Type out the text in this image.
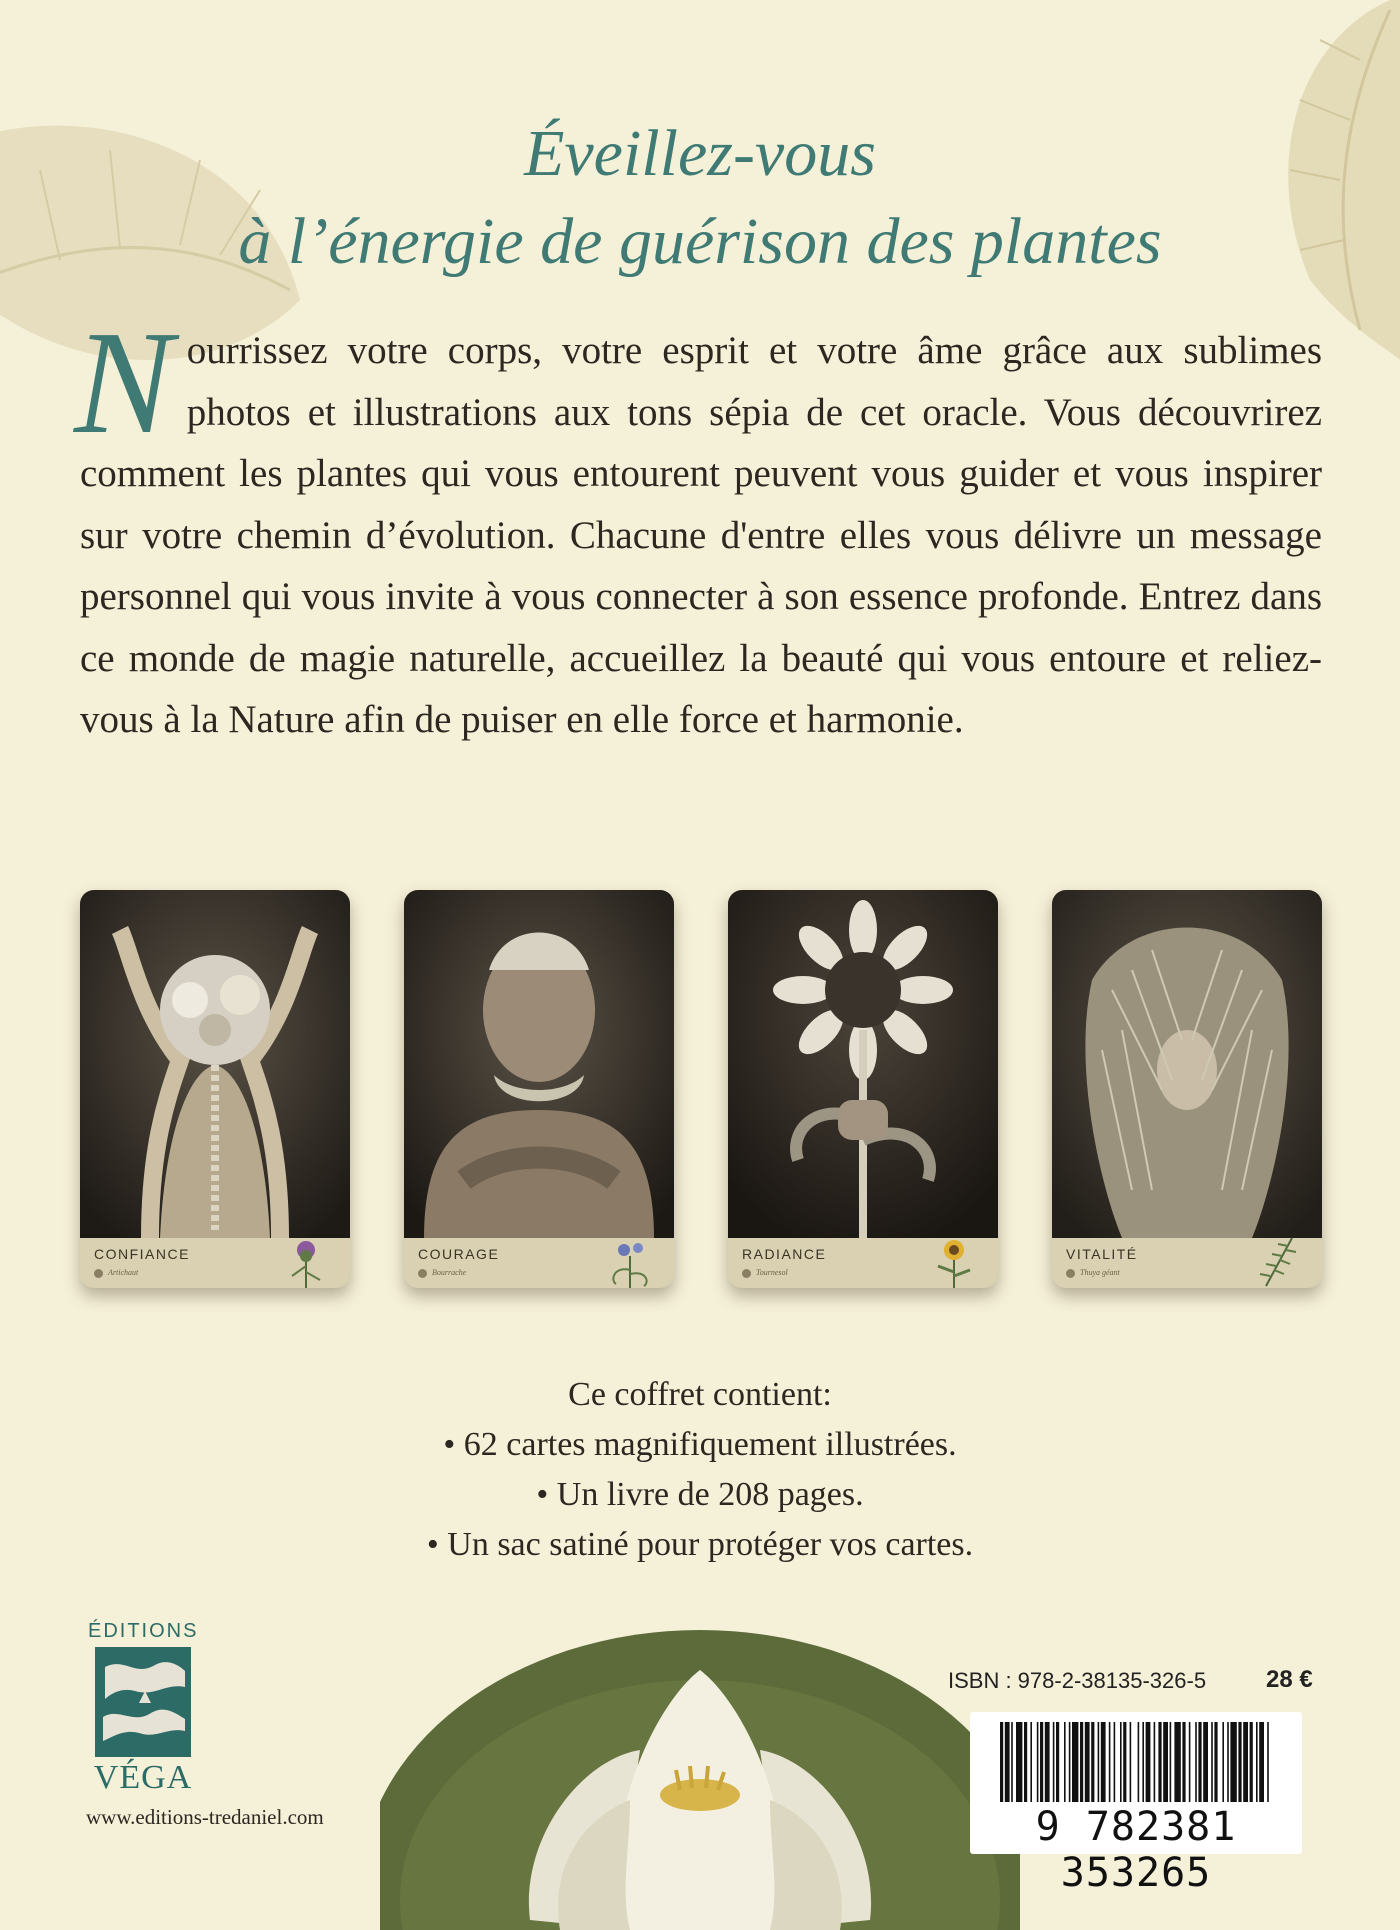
Éveillez-vous
à l’énergie de guérison des plantes
Nourrissez votre corps, votre esprit et votre âme grâce aux sublimes photos et illustrations aux tons sépia de cet oracle. Vous découvrirez comment les plantes qui vous entourent peuvent vous guider et vous inspirer sur votre chemin d’évolution. Chacune d'entre elles vous délivre un message personnel qui vous invite à vous connecter à son essence profonde. Entrez dans ce monde de magie naturelle, accueillez la beauté qui vous entoure et reliez-vous à la Nature afin de puiser en elle force et harmonie.
CONFIANCE
Artichaut
COURAGE
Bourrache
RADIANCE
Tournesol
VITALITÉ
Thuya géant
Ce coffret contient:
• 62 cartes magnifiquement illustrées.
• Un livre de 208 pages.
• Un sac satiné pour protéger vos cartes.
ÉDITIONS
VÉGA
www.editions-tredaniel.com
ISBN : 978-2-38135-326-5 28 €
9 782381 353265
